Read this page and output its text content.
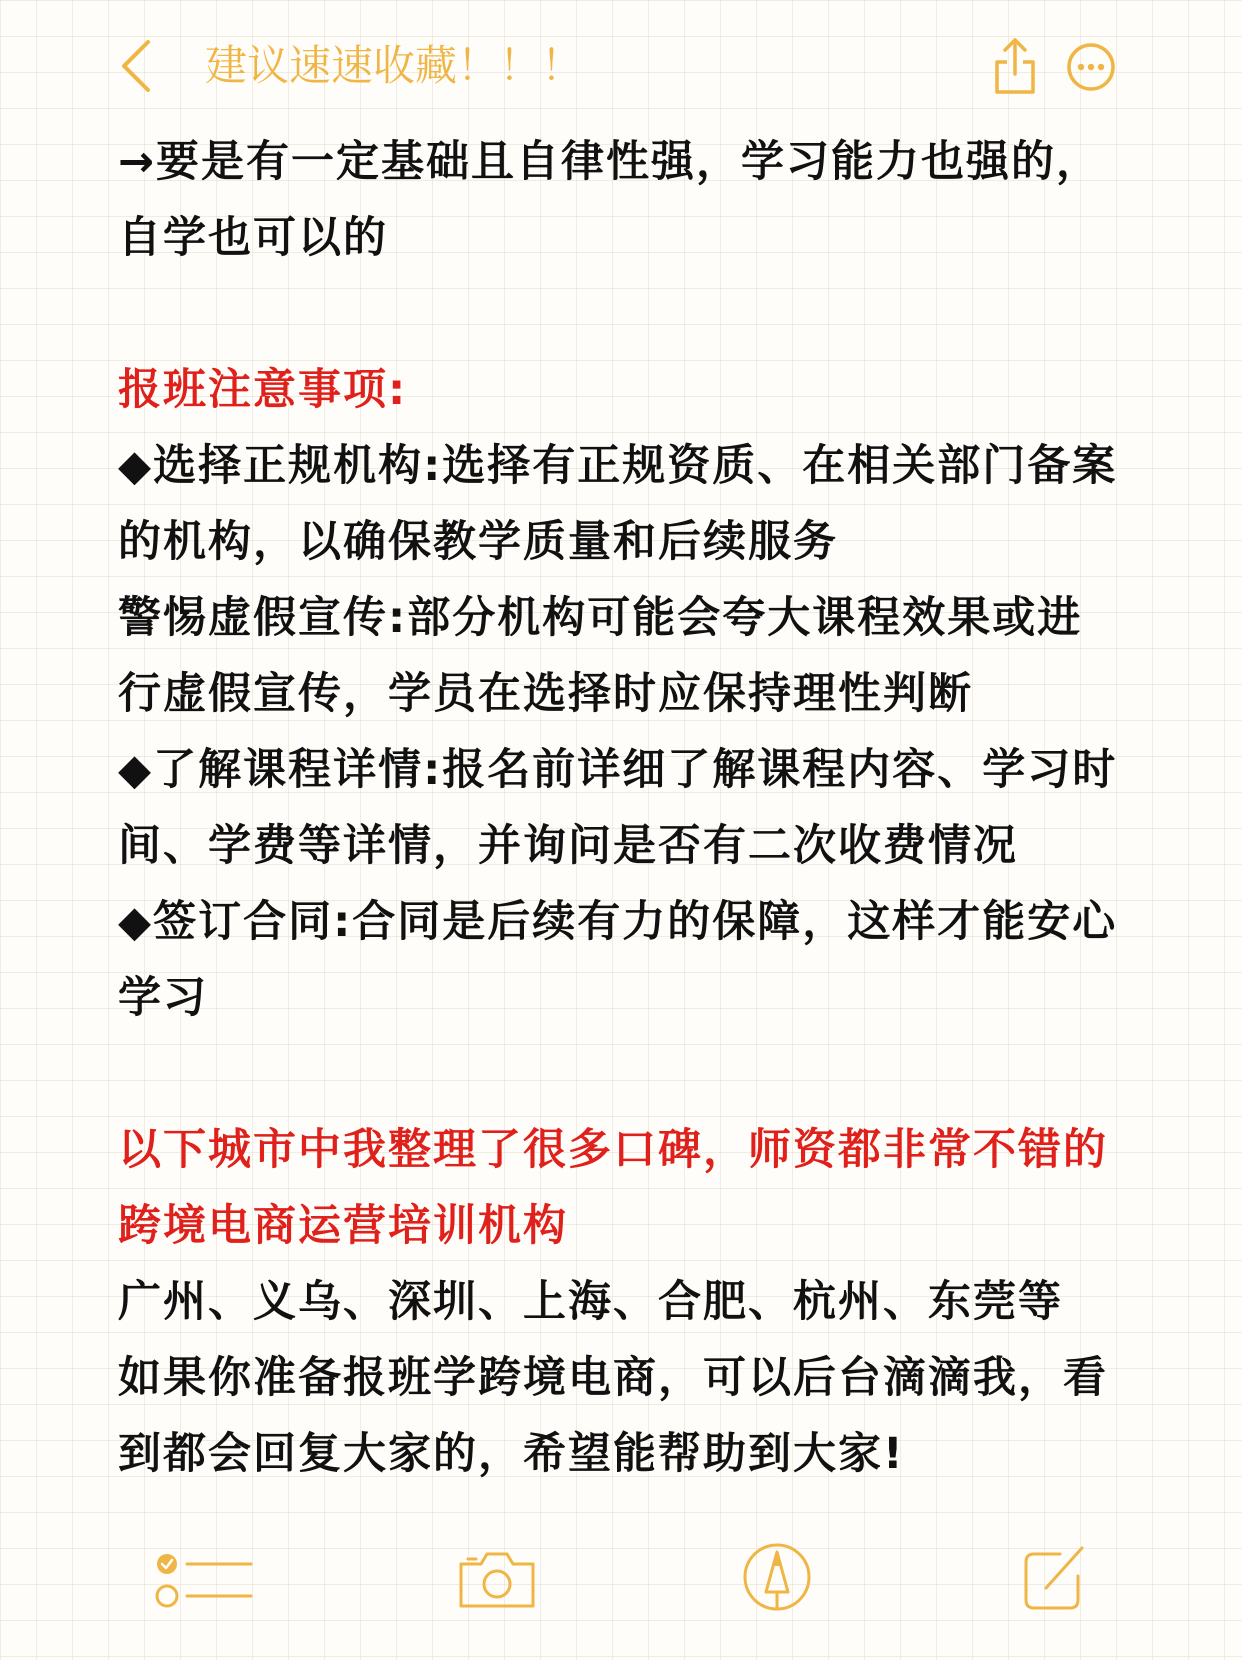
建议速速收藏！！！

→要是有一定基础且自律性强，学习能力也强的，自学也可以的

报班注意事项:

◆选择正规机构:选择有正规资质、在相关部门备案的机构，以确保教学质量和后续服务

警惕虚假宣传:部分机构可能会夸大课程效果或进行虚假宣传，学员在选择时应保持理性判断

◆了解课程详情:报名前详细了解课程内容、学习时间、学费等详情，并询问是否有二次收费情况

◆签订合同:合同是后续有力的保障，这样才能安心学习

以下城市中我整理了很多口碑，师资都非常不错的跨境电商运营培训机构

广州、义乌、深圳、上海、合肥、杭州、东莞等

如果你准备报班学跨境电商，可以后台滴滴我，看到都会回复大家的，希望能帮助到大家!
